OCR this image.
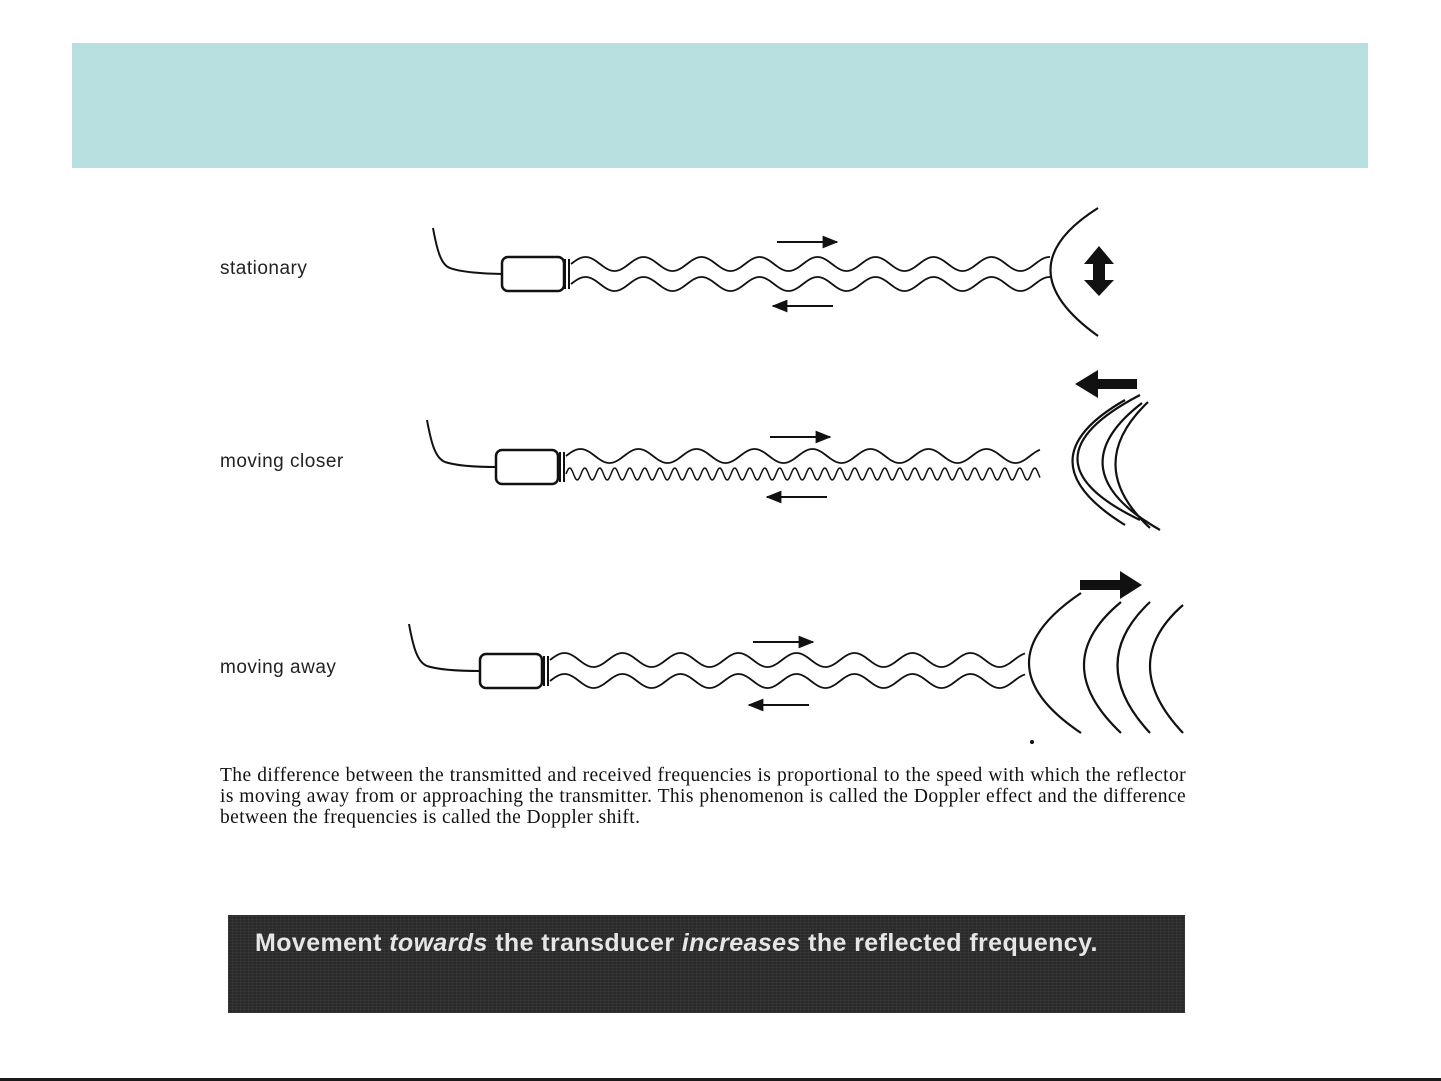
stationary
moving closer
moving away

The difference between the transmitted and received frequencies is proportional to the speed with which the reflector is moving away from or approaching the transmitter. This phenomenon is called the Doppler effect and the difference between the frequencies is called the Doppler shift.

Movement towards the transducer increases the reflected frequency.
